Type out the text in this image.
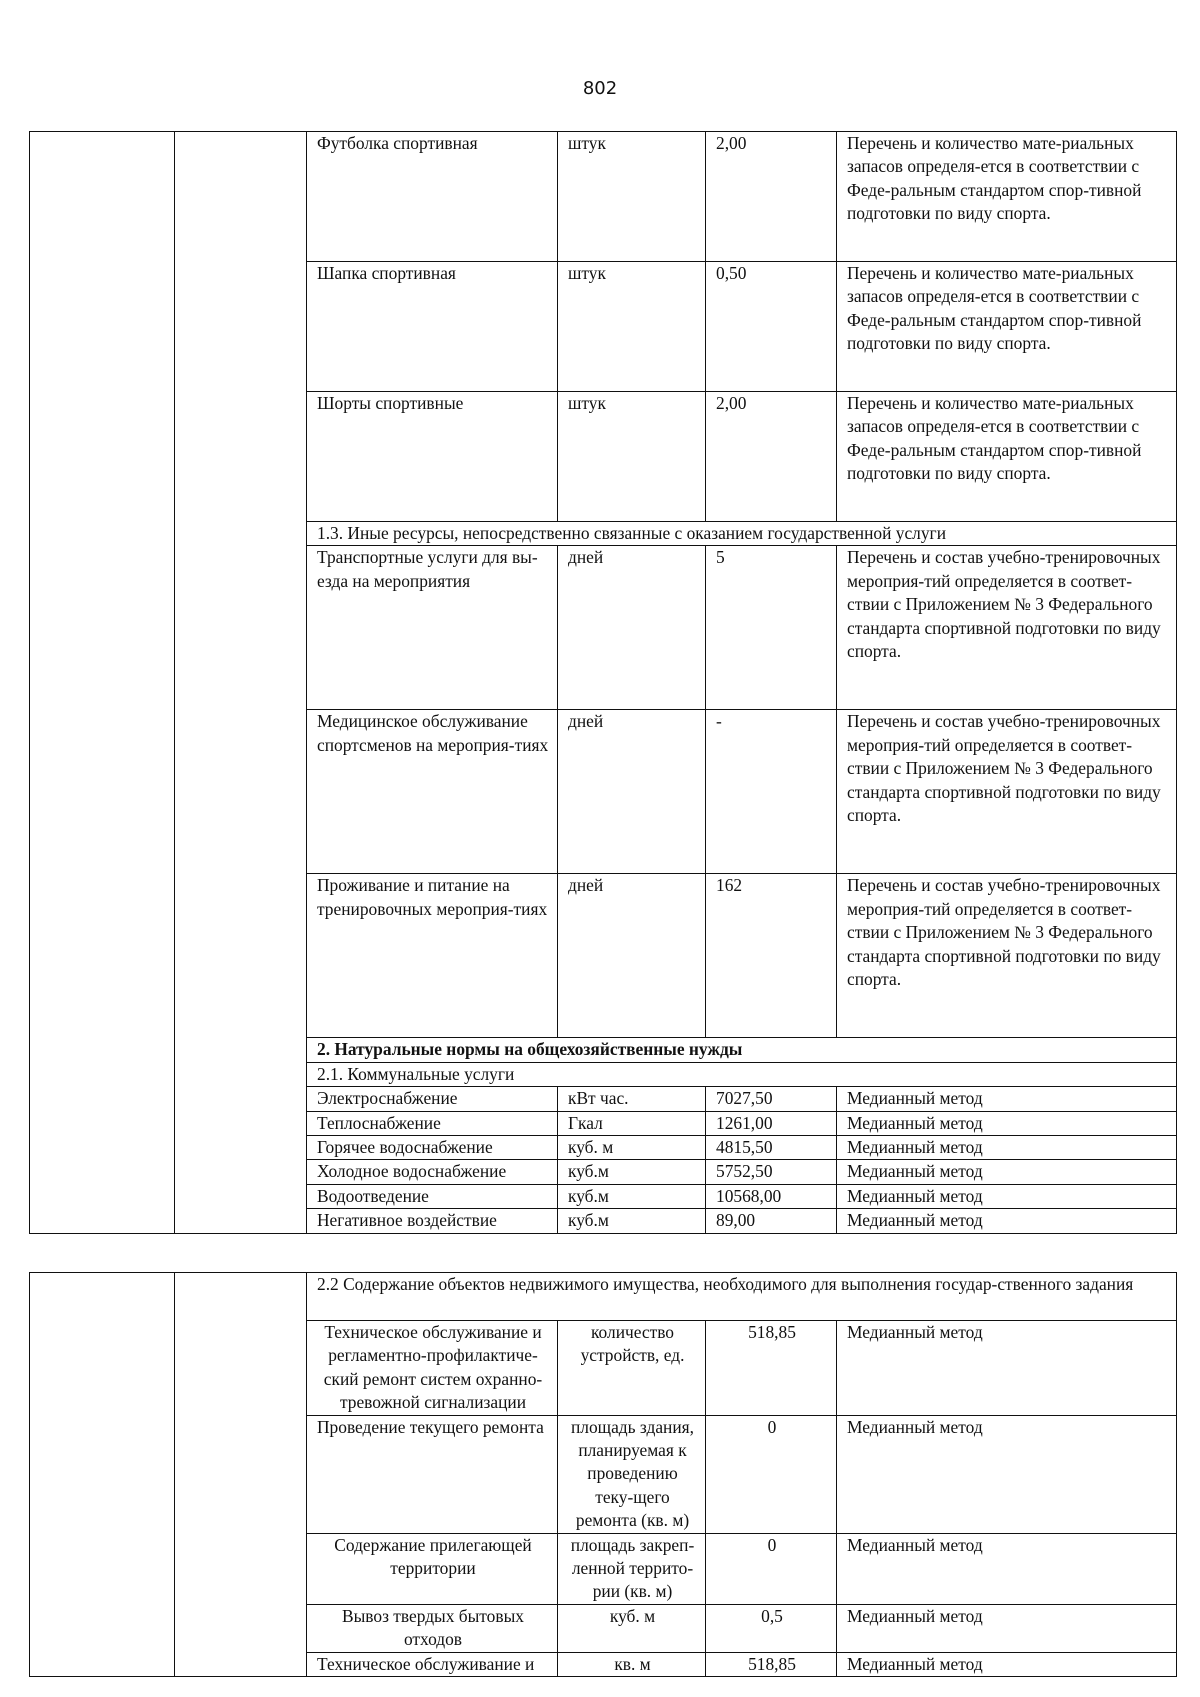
802
		Футболка спортивная	штук	2,00	Перечень и количество мате-риальных запасов определя-ется в соответствии с Феде-ральным стандартом спор-тивной подготовки по виду спорта.
		Шапка спортивная	штук	0,50	Перечень и количество мате-риальных запасов определя-ется в соответствии с Феде-ральным стандартом спор-тивной подготовки по виду спорта.
		Шорты спортивные	штук	2,00	Перечень и количество мате-риальных запасов определя-ется в соответствии с Феде-ральным стандартом спор-тивной подготовки по виду спорта.
		1.3. Иные ресурсы, непосредственно связанные с оказанием государственной услуги			
		Транспортные услуги для вы-езда на мероприятия	дней	5	Перечень и состав учебно-тренировочных мероприя-тий определяется в соответ-ствии с Приложением № 3 Федерального стандарта спортивной подготовки по виду спорта.
		Медицинское обслуживание спортсменов на мероприя-тиях	дней	-	Перечень и состав учебно-тренировочных мероприя-тий определяется в соответ-ствии с Приложением № 3 Федерального стандарта спортивной подготовки по виду спорта.
		Проживание и питание на тренировочных мероприя-тиях	дней	162	Перечень и состав учебно-тренировочных мероприя-тий определяется в соответ-ствии с Приложением № 3 Федерального стандарта спортивной подготовки по виду спорта.
		2. Натуральные нормы на общехозяйственные нужды			
		2.1. Коммунальные услуги			
		Электроснабжение	кВт час.	7027,50	Медианный метод
		Теплоснабжение	Гкал	1261,00	Медианный метод
		Горячее водоснабжение	куб. м	4815,50	Медианный метод
		Холодное водоснабжение	куб.м	5752,50	Медианный метод
		Водоотведение	куб.м	10568,00	Медианный метод
		Негативное воздействие	куб.м	89,00	Медианный метод
		2.2 Содержание объектов недвижимого имущества, необходимого для выполнения государ-ственного задания			
		Техническое обслуживание и регламентно-профилактиче-ский ремонт систем охранно-тревожной сигнализации	количество устройств, ед.	518,85	Медианный метод
		Проведение текущего ремонта	площадь здания, планируемая к проведению теку-щего ремонта (кв. м)	0	Медианный метод
		Содержание прилегающей территории	площадь закреп-ленной террито-рии (кв. м)	0	Медианный метод
		Вывоз твердых бытовых отходов	куб. м	0,5	Медианный метод
		Техническое обслуживание и	кв. м	518,85	Медианный метод
